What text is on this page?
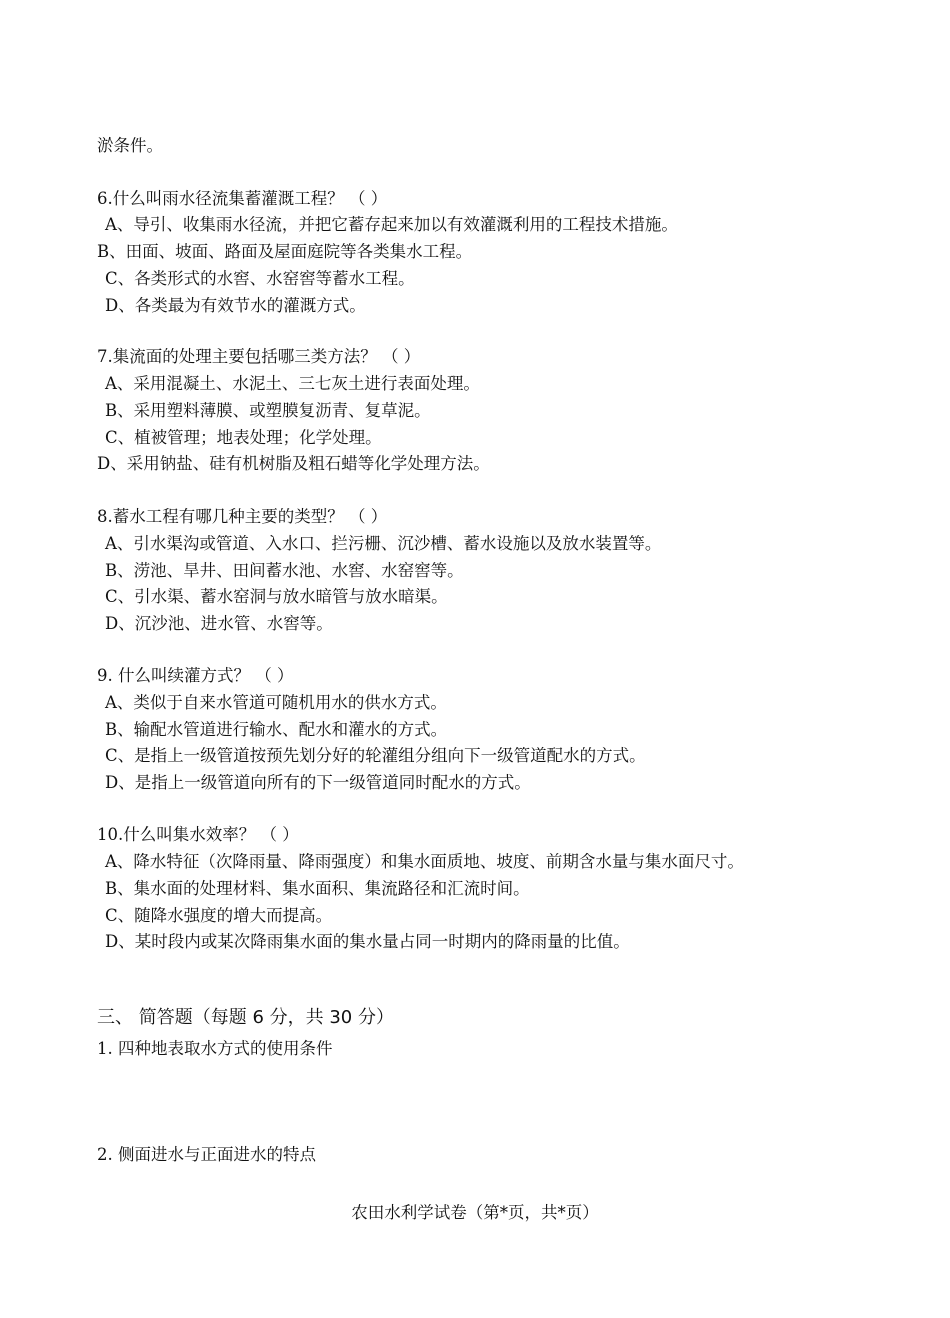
淤条件。
6.什么叫雨水径流集蓄灌溉工程？ （ ）
A、导引、收集雨水径流，并把它蓄存起来加以有效灌溉利用的工程技术措施。
B、田面、坡面、路面及屋面庭院等各类集水工程。
C、各类形式的水窖、水窑窖等蓄水工程。
D、各类最为有效节水的灌溉方式。
7.集流面的处理主要包括哪三类方法？ （ ）
A、采用混凝土、水泥土、三七灰土进行表面处理。
B、采用塑料薄膜、或塑膜复沥青、复草泥。
C、植被管理；地表处理；化学处理。
D、采用钠盐、硅有机树脂及粗石蜡等化学处理方法。
8.蓄水工程有哪几种主要的类型？ （ ）
A、引水渠沟或管道、入水口、拦污栅、沉沙槽、蓄水设施以及放水装置等。
B、涝池、旱井、田间蓄水池、水窖、水窑窖等。
C、引水渠、蓄水窑洞与放水暗管与放水暗渠。
D、沉沙池、进水管、水窖等。
9. 什么叫续灌方式？ （ ）
A、类似于自来水管道可随机用水的供水方式。
B、输配水管道进行输水、配水和灌水的方式。
C、是指上一级管道按预先划分好的轮灌组分组向下一级管道配水的方式。
D、是指上一级管道向所有的下一级管道同时配水的方式。
10.什么叫集水效率？ （ ）
A、降水特征（次降雨量、降雨强度）和集水面质地、坡度、前期含水量与集水面尺寸。
B、集水面的处理材料、集水面积、集流路径和汇流时间。
C、随降水强度的增大而提高。
D、某时段内或某次降雨集水面的集水量占同一时期内的降雨量的比值。
三、 简答题（每题 6 分，共 30 分）
1. 四种地表取水方式的使用条件
2. 侧面进水与正面进水的特点
农田水利学试卷（第*页，共*页）
